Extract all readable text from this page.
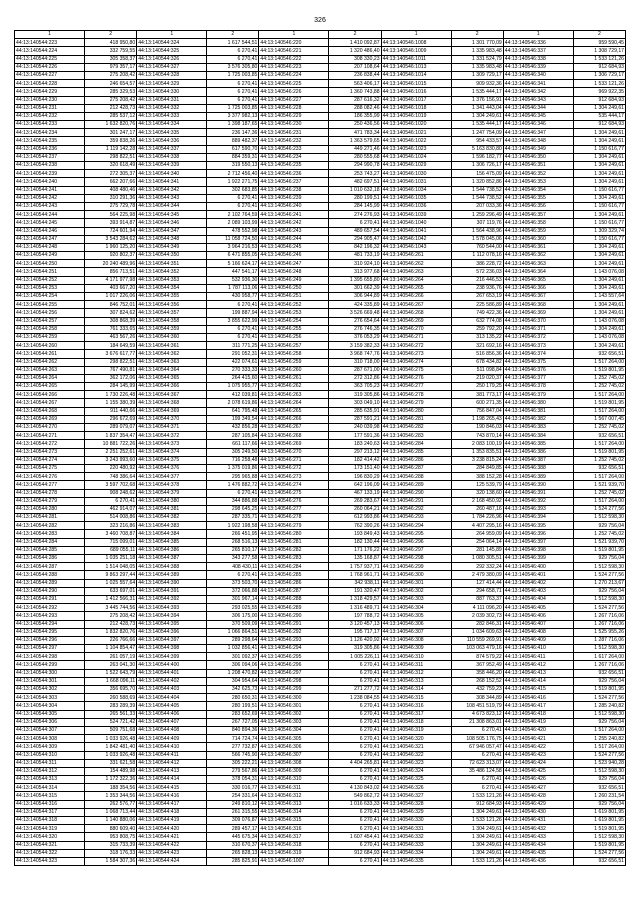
326
1	2	1	2	1	2	1	2	1	2
44:13:140544:223	418 950,80	44:13:140544:324	1 617 544,51	44:13:140546:220	1 410 092,87	44:13:140546:1008	1 301 770,09	44:13:140546:336	959 590,45
44:13:140544:224	332 759,55	44:13:140544:325	6 270,41	44:13:140546:221	1 320 486,40	44:13:140546:1009	1 335 983,48	44:13:140546:337	1 308 729,17
44:13:140544:225	305 358,37	44:13:140544:326	6 270,41	44:13:140546:222	308 330,23	44:13:140546:1011	1 331 524,79	44:13:140546:338	1 533 121,26
44:13:140544:226	979 357,17	44:13:140544:327	3 576 305,80	44:13:140546:223	207 108,64	44:13:140546:1013	1 335 983,48	44:13:140546:339	912 684,93
44:13:140544:227	275 208,42	44:13:140544:328	1 725 003,85	44:13:140546:224	236 838,44	44:13:140546:1014	1 309 729,17	44:13:140546:340	1 306 729,17
44:13:140544:228	246 654,57	44:13:140544:329	6 270,41	44:13:140546:225	563 406,17	44:13:140546:1015	909 932,36	44:13:140546:341	1 533 121,26
44:13:140544:229	285 329,53	44:13:140544:330	6 270,41	44:13:140546:226	1 360 743,88	44:13:140546:1016	1 535 444,17	44:13:140546:342	969 922,35
44:13:140544:230	275 208,42	44:13:140544:331	6 270,41	44:13:140546:227	287 616,32	44:13:140546:1017	1 376 156,91	44:13:140546:343	912 684,93
44:13:140544:231	212 428,73	44:13:140544:332	1 725 003,85	44:13:140546:228	288 082,46	44:13:140546:1018	1 341 443,04	44:13:140546:344	1 304 249,61
44:13:140544:232	285 537,12	44:13:140544:333	3 377 982,13	44:13:140546:229	186 355,99	44:13:140546:1019	1 304 249,61	44:13:140546:345	535 444,17
44:13:140544:233	1 632 820,76	44:13:140544:334	1 398 187,65	44:13:140546:230	250 436,56	44:13:140546:1020	1 535 444,17	44:13:140546:346	912 684,93
44:13:140544:234	301 247,17	44:13:140544:335	236 147,36	44:13:140546:231	471 783,34	44:13:140546:1021	1 247 754,09	44:13:140546:347	1 304 249,61
44:13:140544:235	359 838,26	44:13:140544:336	889 482,37	44:13:140546:232	1 363 579,65	44:13:140546:1022	954 433,57	44:13:140546:348	1 304 249,61
44:13:140544:236	1 119 142,28	44:13:140544:337	617 590,70	44:13:140546:233	449 271,46	44:13:140546:1023	5 163 830,80	44:13:140546:349	1 150 616,77
44:13:140544:237	298 822,51	44:13:140544:338	884 359,31	44:13:140546:234	280 555,68	44:13:140546:1024	1 596 182,77	44:13:140546:350	1 304 249,61
44:13:140544:238	320 618,49	44:13:140544:339	319 550,13	44:13:140546:235	294 990,78	44:13:140546:1029	1 306 726,17	44:13:140546:351	1 304 249,61
44:13:140544:239	272 305,37	44:13:140544:340	2 712 456,40	44:13:140546:236	253 743,27	44:13:140546:1030	156 475,09	44:13:140546:352	1 304 249,61
44:13:140544:240	662 207,66	44:13:140544:341	1 922 271,75	44:13:140546:237	482 697,51	44:13:140546:1031	1 320 852,86	44:13:140546:353	1 304 249,61
44:13:140544:241	408 480,46	44:13:140544:342	302 683,85	44:13:140546:238	1 010 632,18	44:13:140546:1034	1 544 738,52	44:13:140546:354	1 150 616,77
44:13:140544:242	310 291,36	44:13:140544:343	6 270,41	44:13:140546:239	280 199,51	44:13:140546:1035	1 544 738,52	44:13:140546:355	1 304 249,61
44:13:140544:243	275 729,78	44:13:140544:344	6 270,41	44:13:140546:240	284 145,99	44:13:140546:1036	207 033,36	44:13:140546:356	1 150 616,77
44:13:140544:244	564 225,98	44:13:140544:345	2 102 764,59	44:13:140546:241	274 276,93	44:13:140546:1039	1 259 296,49	44:13:140546:357	1 304 249,61
44:13:140544:245	393 914,87	44:13:140544:346	2 089 103,99	44:13:140546:242	6 270,41	44:13:140546:1040	307 119,76	44:13:140546:358	1 150 616,77
44:13:140544:246	724 601,94	44:13:140544:347	478 552,98	44:13:140546:243	489 657,54	44:13:140546:1041	1 564 438,96	44:13:140546:359	1 309 329,74
44:13:140544:247	3 543 284,62	44:13:140544:348	11 058 724,50	44:13:140546:244	294 905,47	44:13:140546:1042	1 578 045,06	44:13:140546:360	1 150 616,77
44:13:140544:248	1 960 125,20	44:13:140544:349	3 964 216,53	44:13:140546:245	842 196,32	44:13:140546:1043	760 544,00	44:13:140546:361	1 304 249,61
44:13:140544:249	920 802,37	44:13:140544:350	6 471 855,05	44:13:140546:246	481 733,19	44:13:140546:261	1 112 078,16	44:13:140546:362	1 304 249,61
44:13:140544:250	20 240 489,96	44:13:140544:351	5 166 624,17	44:13:140546:247	310 924,10	44:13:140546:262	386 228,72	44:13:140546:363	1 304 249,61
44:13:140544:251	856 713,51	44:13:140544:352	447 541,17	44:13:140546:248	313 977,68	44:13:140546:263	572 236,03	44:13:140546:364	1 143 076,08
44:13:140544:252	4 171 977,98	44:13:140544:353	532 936,30	44:13:140546:249	1 395 655,80	44:13:140546:264	216 446,53	44:13:140546:365	1 304 249,61
44:13:140544:253	403 667,20	44:13:140544:354	1 787 113,06	44:13:140546:250	301 662,39	44:13:140546:265	238 936,76	44:13:140546:366	1 304 249,61
44:13:140544:254	1 017 226,06	44:13:140544:355	430 958,77	44:13:140546:251	306 944,89	44:13:140546:266	267 653,19	44:13:140546:367	1 143 557,64
44:13:140544:255	846 752,01	44:13:140544:356	6 270,41	44:13:140546:252	424 335,89	44:13:140546:267	225 586,89	44:13:140546:368	1 304 249,61
44:13:140544:256	307 824,62	44:13:140544:357	199 887,94	44:13:140546:253	3 526 669,48	44:13:140546:268	749 422,36	44:13:140546:369	1 304 249,61
44:13:140544:257	308 868,39	44:13:140544:358	3 855 622,99	44:13:140546:254	276 654,64	44:13:140546:269	632 774,08	44:13:140546:370	1 143 076,08
44:13:140544:258	761 333,65	44:13:140544:359	6 270,41	44:13:140546:255	276 746,35	44:13:140546:270	259 792,20	44:13:140546:371	1 304 249,61
44:13:140544:259	463 567,26	44:13:140544:360	6 270,41	44:13:140546:256	376 053,29	44:13:140546:271	313 135,22	44:13:140546:372	1 143 076,08
44:13:140544:260	184 649,59	44:13:140544:361	311 771,25	44:13:140546:257	3 159 382,33	44:13:140546:272	321 692,16	44:13:140546:373	1 304 249,61
44:13:140544:261	3 676 617,77	44:13:140544:362	291 052,31	44:13:140546:258	3 968 747,76	44:13:140546:273	516 856,36	44:13:140546:374	932 656,51
44:13:140544:262	298 822,51	44:13:140544:363	422 074,61	44:13:140546:259	310 718,00	44:13:140546:274	678 434,82	44:13:140546:375	1 517 264,00
44:13:140544:263	767 490,81	44:13:140544:364	270 333,33	44:13:140546:260	287 671,00	44:13:140546:275	511 098,84	44:13:140546:376	1 519 801,95
44:13:140544:264	362 172,06	44:13:140544:365	264 415,60	44:13:140546:261	272 312,86	44:13:140546:276	219 020,37	44:13:140546:377	1 252 745,02
44:13:140544:265	284 145,99	44:13:140544:366	1 075 955,77	44:13:140546:262	363 705,23	44:13:140546:277	250 179,25	44:13:140546:378	1 252 745,02
44:13:140544:266	1 730 226,48	44:13:140544:367	412 039,81	44:13:140546:263	319 305,86	44:13:140546:278	381 773,17	44:13:140546:379	1 517 264,00
44:13:140544:267	1 155 380,39	44:13:140544:368	2 078 619,86	44:13:140546:264	303 049,10	44:13:140546:279	600 271,35	44:13:140546:380	1 519 801,95
44:13:140544:268	911 440,66	44:13:140544:369	641 795,48	44:13:140546:265	285 635,91	44:13:140546:280	756 847,04	44:13:140546:381	1 517 264,00
44:13:140544:269	296 672,69	44:13:140544:370	199 349,54	44:13:140546:266	287 591,21	44:13:140546:281	1 198 265,43	44:13:140546:382	1 567 007,45
44:13:140544:270	289 079,07	44:13:140544:371	432 856,28	44:13:140546:267	240 039,98	44:13:140546:282	190 846,03	44:13:140546:383	1 252 745,02
44:13:140544:271	1 837 354,47	44:13:140544:372	287 105,84	44:13:140546:268	177 591,36	44:13:140546:283	743 870,14	44:13:140546:384	932 656,51
44:13:140544:272	10 881 722,26	44:13:140544:373	661 117,66	44:13:140546:269	183 240,63	44:13:140546:284	2 083 100,19	44:13:140546:385	1 517 264,00
44:13:140544:273	2 251 252,61	44:13:140544:374	305 249,50	44:13:140546:270	297 213,12	44:13:140546:285	1 353 835,51	44:13:140546:386	1 519 801,95
44:13:140544:274	3 243 993,60	44:13:140544:375	716 258,48	44:13:140546:271	182 414,42	44:13:140546:286	3 238 815,24	44:13:140546:387	1 252 745,02
44:13:140544:275	220 480,92	44:13:140544:376	1 375 019,86	44:13:140546:272	173 151,40	44:13:140546:287	284 849,85	44:13:140546:388	932 656,51
44:13:140544:276	748 386,64	44:13:140544:377	295 965,88	44:13:140546:273	196 830,29	44:13:140546:288	388 152,28	44:13:140546:389	1 517 264,00
44:13:140544:277	3 597 702,68	44:13:140544:378	1 476 882,72	44:13:140546:274	642 196,09	44:13:140546:289	125 539,79	44:13:140546:390	1 521 939,70
44:13:140544:278	908 248,62	44:13:140544:379	6 270,41	44:13:140546:275	467 133,19	44:13:140546:290	320 138,60	44:13:140546:391	1 252 745,02
44:13:140544:279	6 270,41	44:13:140544:380	344 886,88	44:13:140546:276	269 283,67	44:13:140546:291	2 168 450,92	44:13:140546:392	1 517 264,00
44:13:140544:280	462 914,07	44:13:140544:381	298 645,25	44:13:140546:277	260 064,21	44:13:140546:292	260 487,16	44:13:140546:393	1 524 277,56
44:13:140544:281	514 008,86	44:13:140544:382	287 335,71	44:13:140546:278	612 993,86	44:13:140546:293	1 784 226,96	44:13:140546:394	1 512 598,30
44:13:140544:282	323 216,86	44:13:140544:383	1 922 198,58	44:13:140546:279	762 390,26	44:13:140546:294	4 407 295,16	44:13:140546:395	929 756,04
44:13:140544:283	3 460 708,87	44:13:140544:384	266 451,95	44:13:140546:280	193 849,43	44:13:140546:295	264 959,09	44:13:140546:396	1 252 745,02
44:13:140544:284	715 099,01	44:13:140544:385	268 516,13	44:13:140546:281	182 130,44	44:13:140546:296	254 064,14	44:13:140546:397	1 521 939,70
44:13:140544:285	689 055,11	44:13:140544:386	265 810,17	44:13:140546:282	171 176,22	44:13:140546:297	281 145,89	44:13:140546:398	1 519 801,95
44:13:140544:286	1 035 251,18	44:13:140544:387	343 277,58	44:13:140546:283	135 168,87	44:13:140546:298	1 080 305,51	44:13:140546:399	929 756,04
44:13:140544:287	1 514 048,05	44:13:140544:388	408 430,11	44:13:140546:284	1 757 937,71	44:13:140546:299	292 332,24	44:13:140546:400	1 512 598,30
44:13:140544:288	9 863 297,44	44:13:140544:389	6 270,41	44:13:140546:285	1 768 961,71	44:13:140546:300	2 479 380,09	44:13:140546:401	1 524 277,56
44:13:140544:289	1 025 557,64	44:13:140544:390	373 503,70	44:13:140546:286	342 938,11	44:13:140546:301	127 414,44	44:13:140546:402	1 270 213,67
44:13:140544:290	633 697,01	44:13:140544:391	372 066,88	44:13:140546:287	191 320,47	44:13:140546:302	294 658,71	44:13:140546:403	929 756,04
44:13:140544:291	1 412 566,31	44:13:140544:392	301 967,14	44:13:140546:288	1 318 429,57	44:13:140546:303	887 763,37	44:13:140546:404	1 512 598,30
44:13:140544:292	3 445 744,56	44:13:140544:393	293 025,55	44:13:140546:289	1 316 489,71	44:13:140546:304	4 111 096,20	44:13:140546:405	1 524 277,56
44:13:140544:293	275 208,42	44:13:140544:394	306 175,00	44:13:140546:290	197 788,72	44:13:140546:305	2 039 302,73	44:13:140546:406	1 267 716,06
44:13:140544:294	212 428,73	44:13:140544:395	370 509,09	44:13:140546:291	3 120 457,13	44:13:140546:306	282 846,31	44:13:140546:407	1 267 716,06
44:13:140544:295	1 832 820,76	44:13:140544:396	1 066 864,51	44:13:140546:292	195 717,17	44:13:140546:307	1 034 609,63	44:13:140546:408	1 525 955,26
44:13:140544:296	226 766,66	44:13:140544:397	289 298,64	44:13:140546:293	1 126 420,92	44:13:140546:308	110 559 269,91	44:13:140546:409	1 287 716,06
44:13:140544:297	1 104 854,47	44:13:140544:398	1 032 856,41	44:13:140546:294	319 305,86	44:13:140546:309	103 063 479,16	44:13:140546:410	1 512 598,30
44:13:140544:298	261 057,19	44:13:140544:399	301 092,37	44:13:140546:295	1 005 226,11	44:13:140546:310	874 579,22	44:13:140546:411	1 617 264,00
44:13:140544:299	263 041,30	44:13:140544:400	306 094,06	44:13:140546:296	6 270,41	44:13:140546:311	367 952,49	44:13:140546:412	1 267 716,06
44:13:140544:300	1 522 643,79	44:13:140544:401	1 208 470,82	44:13:140546:297	6 270,41	44:13:140546:312	358 446,20	44:13:140546:413	932 656,51
44:13:140544:301	1 668 096,11	44:13:140544:402	304 954,64	44:13:140546:298	6 270,41	44:13:140546:313	268 152,52	44:13:140546:414	929 756,04
44:13:140544:302	356 695,70	44:13:140544:403	342 625,73	44:13:140546:299	271 277,72	44:13:140546:314	432 759,23	44:13:140546:415	1 519 801,95
44:13:140544:303	260 588,69	44:13:140544:404	280 650,31	44:13:140546:300	1 238 084,55	44:13:140546:315	308 344,89	44:13:140546:416	1 524 277,56
44:13:140544:304	283 289,39	44:13:140544:405	280 199,51	44:13:140546:301	6 270,41	44:13:140546:316	108 451 519,79	44:13:140546:417	1 285 240,82
44:13:140544:305	265 561,33	44:13:140544:406	283 652,69	44:13:140546:302	6 270,41	44:13:140546:317	4 673 823,12	44:13:140546:418	1 512 598,30
44:13:140544:306	524 721,42	44:13:140544:407	267 727,05	44:13:140546:303	6 270,41	44:13:140546:318	21 308 863,01	44:13:140546:419	929 756,04
44:13:140544:307	509 751,68	44:13:140544:408	840 894,36	44:13:140546:304	6 270,41	44:13:140546:319	6 270,41	44:13:140546:420	1 517 264,00
44:13:140544:308	1 033 926,48	44:13:140544:409	714 724,74	44:13:140546:305	6 270,41	44:13:140546:320	108 505 176,75	44:13:140546:421	1 255 240,82
44:13:140544:309	1 842 481,40	44:13:140544:410	277 732,87	44:13:140546:306	6 270,41	44:13:140546:321	67 946 057,47	44:13:140546:422	1 517 264,00
44:13:140544:310	1 033 926,48	44:13:140544:411	566 745,90	44:13:140546:307	6 270,41	44:13:140546:322	6 270,41	44:13:140546:423	1 524 277,56
44:13:140544:311	331 621,58	44:13:140544:412	305 222,21	44:13:140546:308	4 404 265,81	44:13:140546:323	72 623 313,07	44:13:140546:424	1 523 940,28
44:13:140544:312	154 489,98	44:13:140544:413	279 567,86	44:13:140546:309	6 270,41	44:13:140546:324	35 486 124,58	44:13:140546:425	1 512 598,30
44:13:140544:313	1 172 322,36	44:13:140544:414	378 054,31	44:13:140546:310	6 270,41	44:13:140546:325	6 270,41	44:13:140546:426	929 756,04
44:13:140544:314	188 354,56	44:13:140544:415	330 016,77	44:13:140546:311	4 130 843,02	44:13:140546:326	6 270,41	44:13:140546:427	932 656,51
44:13:140544:315	1 353 344,56	44:13:140544:416	254 331,64	44:13:140546:312	549 862,72	44:13:140546:327	1 533 121,26	44:13:140546:428	1 260 231,54
44:13:140544:316	262 576,77	44:13:140544:417	249 810,12	44:13:140546:313	1 016 633,33	44:13:140546:328	912 684,93	44:13:140546:429	929 756,04
44:13:140544:317	1 068 713,44	44:13:140544:418	261 315,55	44:13:140546:314	6 270,41	44:13:140546:329	1 304 249,61	44:13:140546:430	1 619 801,95
44:13:140544:318	1 140 880,06	44:13:140544:419	309 076,87	44:13:140546:315	6 270,41	44:13:140546:330	1 533 121,26	44:13:140546:431	1 619 801,95
44:13:140544:319	880 609,40	44:13:140544:420	289 457,17	44:13:140546:316	6 270,41	44:13:140546:331	1 304 249,61	44:13:140546:432	1 519 801,95
44:13:140544:320	953 808,75	44:13:140544:421	445 675,34	44:13:140546:317	1 607 454,41	44:13:140546:332	1 304 249,61	44:13:140546:433	1 512 598,30
44:13:140544:321	315 733,39	44:13:140544:422	310 670,37	44:13:140546:318	6 270,41	44:13:140546:333	1 304 249,61	44:13:140546:434	1 519 801,95
44:13:140544:322	318 176,33	44:13:140544:423	265 828,13	44:13:140546:319	912 684,93	44:13:140546:334	1 304 249,61	44:13:140546:435	1 524 277,56
44:13:140544:323	1 584 307,36	44:13:140544:424	285 825,91	44:13:140546:1007	6 270,41	44:13:140546:335	1 533 121,26	44:13:140546:436	932 656,51
